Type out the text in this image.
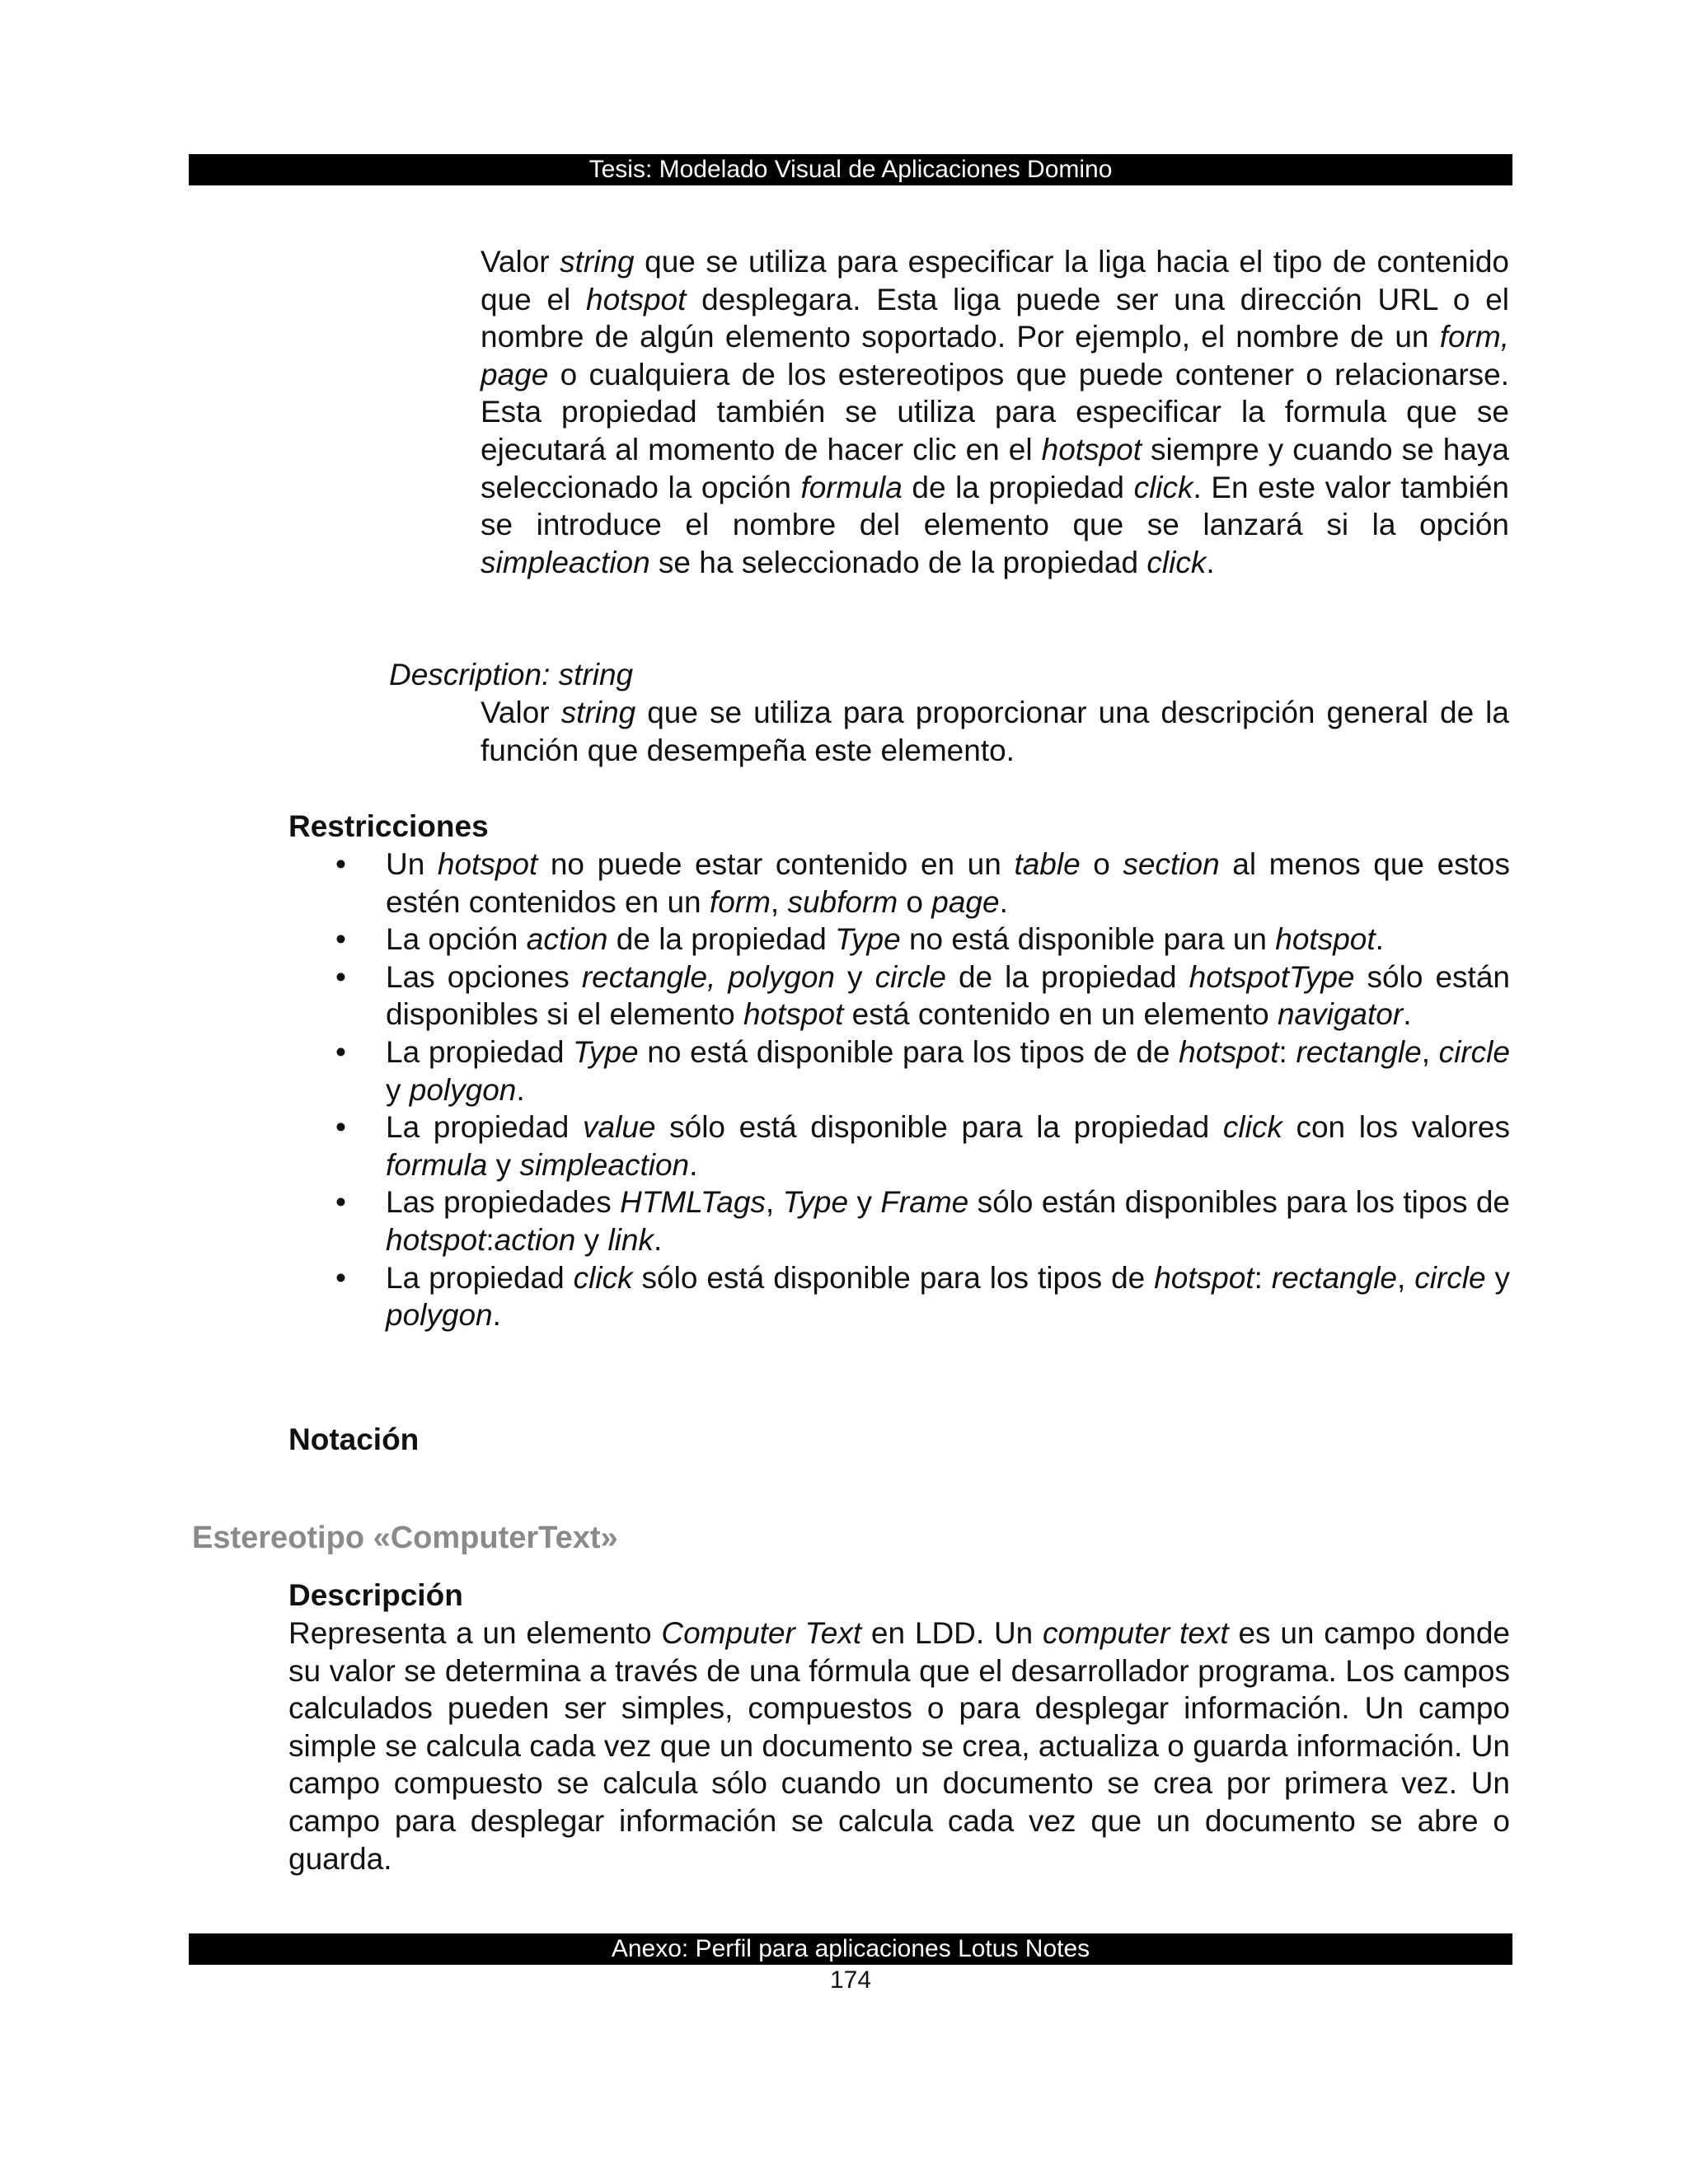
Tesis: Modelado Visual de Aplicaciones Domino
Valor string que se utiliza para especificar la liga hacia el tipo de contenido que el hotspot desplegara. Esta liga puede ser una dirección URL o el nombre de algún elemento soportado. Por ejemplo, el nombre de un form, page o cualquiera de los estereotipos que puede contener o relacionarse. Esta propiedad también se utiliza para especificar la formula que se ejecutará al momento de hacer clic en el hotspot siempre y cuando se haya seleccionado la opción formula de la propiedad click. En este valor también se introduce el nombre del elemento que se lanzará si la opción simpleaction se ha seleccionado de la propiedad click.
Description: string
Valor string que se utiliza para proporcionar una descripción general de la función que desempeña este elemento.
Restricciones
• Un hotspot no puede estar contenido en un table o section al menos que estos estén contenidos en un form, subform o page.
• La opción action de la propiedad Type no está disponible para un hotspot.
• Las opciones rectangle, polygon y circle de la propiedad hotspotType sólo están disponibles si el elemento hotspot está contenido en un elemento navigator.
• La propiedad Type no está disponible para los tipos de de hotspot: rectangle, circle y polygon.
• La propiedad value sólo está disponible para la propiedad click con los valores formula y simpleaction.
• Las propiedades HTMLTags, Type y Frame sólo están disponibles para los tipos de hotspot:action y link.
• La propiedad click sólo está disponible para los tipos de hotspot: rectangle, circle y polygon.
Notación
Estereotipo «ComputerText»
Descripción
Representa a un elemento Computer Text en LDD. Un computer text es un campo donde su valor se determina a través de una fórmula que el desarrollador programa. Los campos calculados pueden ser simples, compuestos o para desplegar información. Un campo simple se calcula cada vez que un documento se crea, actualiza o guarda información. Un campo compuesto se calcula sólo cuando un documento se crea por primera vez. Un campo para desplegar información se calcula cada vez que un documento se abre o guarda.
Anexo: Perfil para aplicaciones Lotus Notes
174
